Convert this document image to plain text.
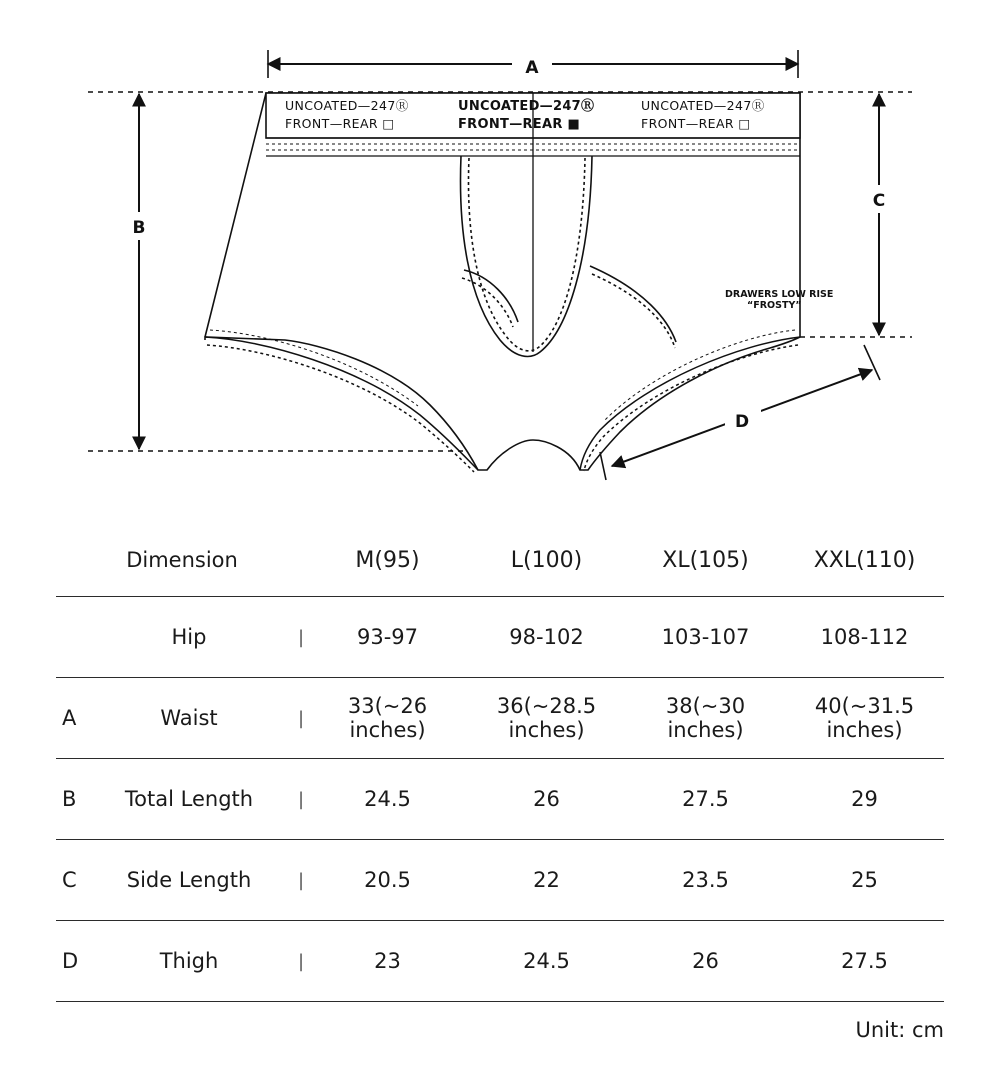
UNCOATED—247Ⓡ
FRONT—REAR □
UNCOATED—247Ⓡ
FRONT—REAR ■
UNCOATED—247Ⓡ
FRONT—REAR □
DRAWERS LOW RISE
“FROSTY”
A
B
C
D
Dimension	M(95)	L(100)	XL(105)	XXL(110)

Hip |	93-97	98-102	103-107	108-112

A Waist |	33(~26 inches)	36(~28.5 inches)	38(~30 inches)	40(~31.5 inches)

B Total Length |	24.5	26	27.5	29

C Side Length |	20.5	22	23.5	25

D Thigh |	23	24.5	26	27.5
Unit: cm
